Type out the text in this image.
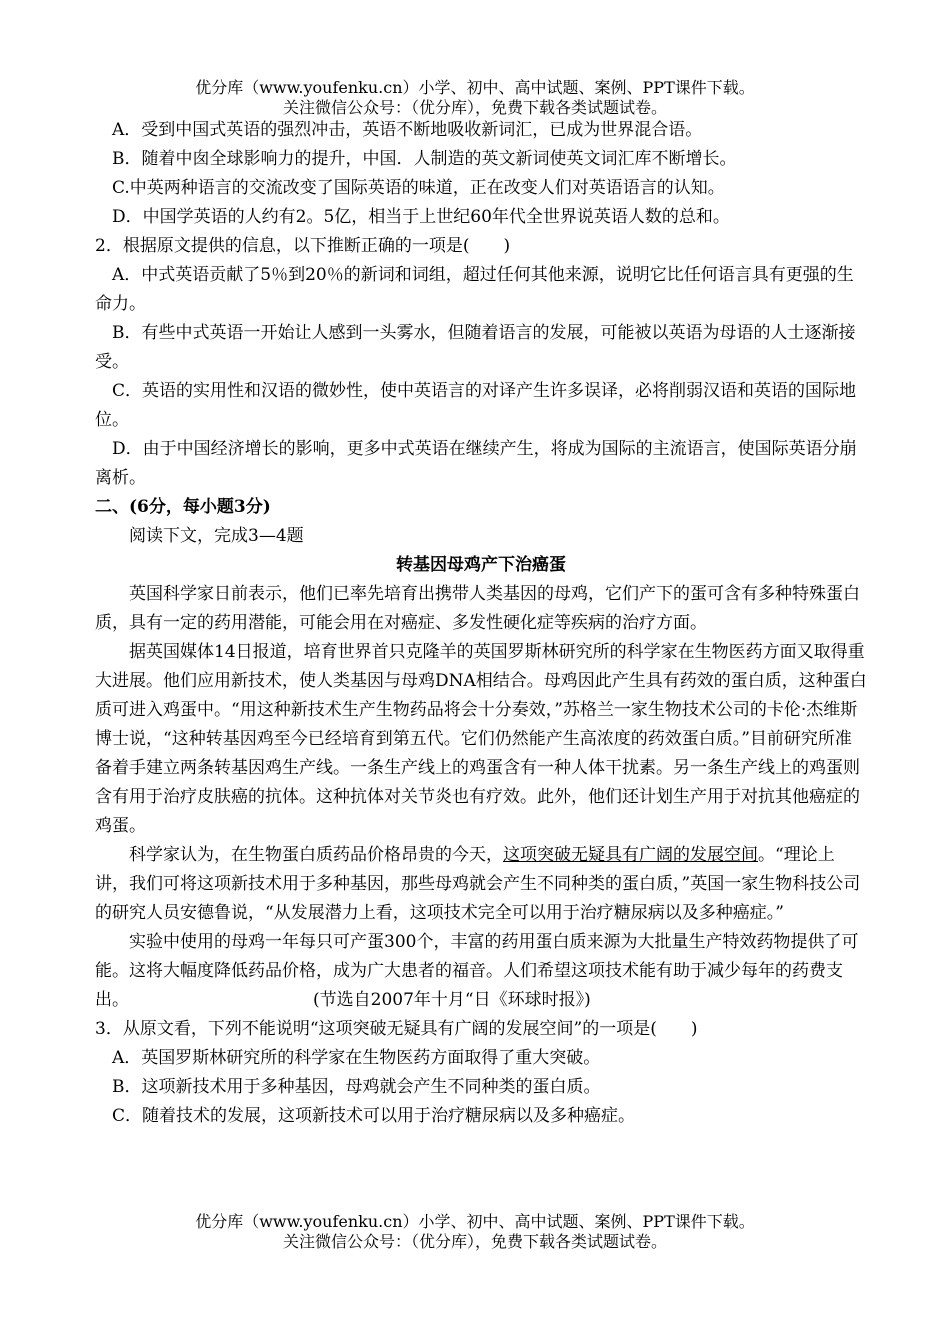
优分库（www.youfenku.cn）小学、初中、高中试题、案例、PPT课件下载。
关注微信公众号：（优分库），免费下载各类试题试卷。

A．受到中国式英语的强烈冲击，英语不断地吸收新词汇，已成为世界混合语。

B．随着中囱全球影响力的提升，中国．人制造的英文新词使英文词汇库不断增长。

C.中英两种语言的交流改变了国际英语的味道，正在改变人们对英语语言的认知。

D．中国学英语的人约有2。5亿，相当于上世纪60年代全世界说英语人数的总和。

2．根据原文提供的信息，以下推断正确的一项是(　　)

A．中式英语贡献了5％到20％的新词和词组，超过任何其他来源，说明它比任何语言具有更强的生命力。

B．有些中式英语一开始让人感到一头雾水，但随着语言的发展，可能被以英语为母语的人士逐渐接受。

C．英语的实用性和汉语的微妙性，使中英语言的对译产生许多误译，必将削弱汉语和英语的国际地位。

D．由于中国经济增长的影响，更多中式英语在继续产生，将成为国际的主流语言，使国际英语分崩离析。

二、(6分，每小题3分)

阅读下文，完成3—4题

转基因母鸡产下治癌蛋

英国科学家日前表示，他们已率先培育出携带人类基因的母鸡，它们产下的蛋可含有多种特殊蛋白质，具有一定的药用潜能，可能会用在对癌症、多发性硬化症等疾病的治疗方面。

据英国媒体14日报道，培育世界首只克隆羊的英国罗斯林研究所的科学家在生物医药方面又取得重大进展。他们应用新技术，使人类基因与母鸡DNA相结合。母鸡因此产生具有药效的蛋白质，这种蛋白质可进入鸡蛋中。“用这种新技术生产生物药品将会十分奏效，”苏格兰一家生物技术公司的卡伦·杰维斯博士说，“这种转基因鸡至今已经培育到第五代。它们仍然能产生高浓度的药效蛋白质。”目前研究所准备着手建立两条转基因鸡生产线。一条生产线上的鸡蛋含有一种人体干扰素。另一条生产线上的鸡蛋则含有用于治疗皮肤癌的抗体。这种抗体对关节炎也有疗效。此外，他们还计划生产用于对抗其他癌症的鸡蛋。

科学家认为，在生物蛋白质药品价格昂贵的今天，这项突破无疑具有广阔的发展空间。“理论上讲，我们可将这项新技术用于多种基因，那些母鸡就会产生不同种类的蛋白质，”英国一家生物科技公司的研究人员安德鲁说，“从发展潜力上看，这项技术完全可以用于治疗糖尿病以及多种癌症。”

实验中使用的母鸡一年每只可产蛋300个，丰富的药用蛋白质来源为大批量生产特效药物提供了可能。这将大幅度降低药品价格，成为广大患者的福音。人们希望这项技术能有助于减少每年的药费支出。	(节选自2007年十月“日《环球时报》)

3．从原文看，下列不能说明“这项突破无疑具有广阔的发展空间”的一项是(　　)

A．英国罗斯林研究所的科学家在生物医药方面取得了重大突破。

B．这项新技术用于多种基因，母鸡就会产生不同种类的蛋白质。

C．随着技术的发展，这项新技术可以用于治疗糖尿病以及多种癌症。

优分库（www.youfenku.cn）小学、初中、高中试题、案例、PPT课件下载。
关注微信公众号：（优分库），免费下载各类试题试卷。
